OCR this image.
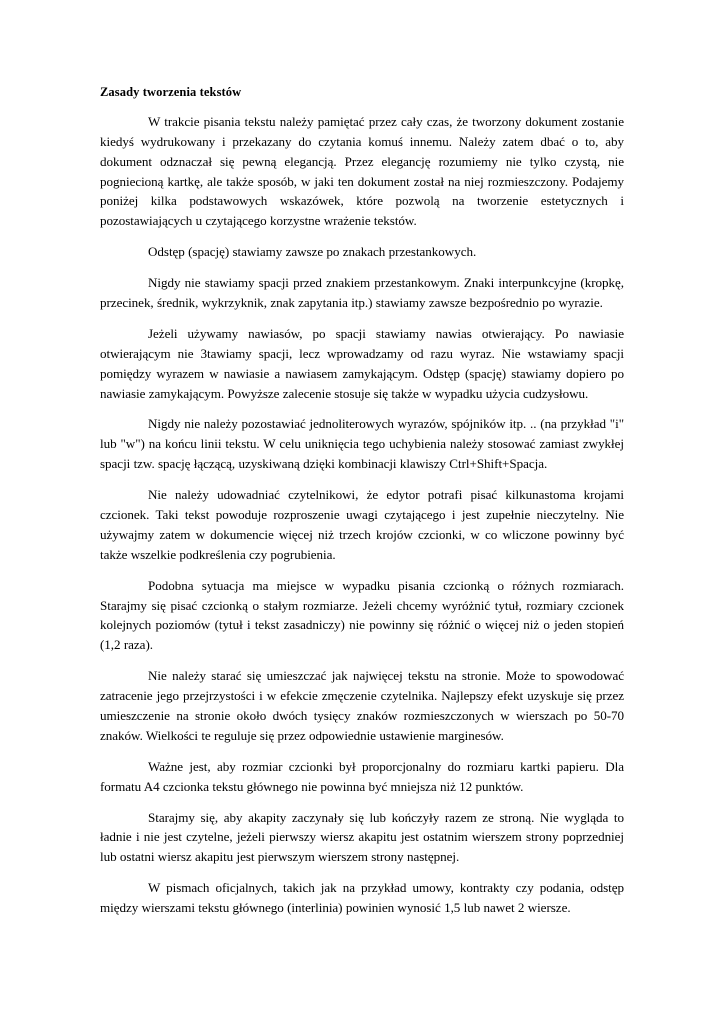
Zasady tworzenia tekstów

W trakcie pisania tekstu należy pamiętać przez cały czas, że tworzony dokument zostanie kiedyś wydrukowany i przekazany do czytania komuś innemu. Należy zatem dbać o to, aby dokument odznaczał się pewną elegancją. Przez elegancję rozumiemy nie tylko czystą, nie pogniecioną kartkę, ale także sposób, w jaki ten dokument został na niej rozmieszczony. Podajemy poniżej kilka podstawowych wskazówek, które pozwolą na tworzenie estetycznych i pozostawiających u czytającego korzystne wrażenie tekstów.

Odstęp (spację) stawiamy zawsze po znakach przestankowych.

Nigdy nie stawiamy spacji przed znakiem przestankowym. Znaki interpunkcyjne (kropkę, przecinek, średnik, wykrzyknik, znak zapytania itp.) stawiamy zawsze bezpośrednio po wyrazie.

Jeżeli używamy nawiasów, po spacji stawiamy nawias otwierający. Po nawiasie otwierającym nie 3tawiamy spacji, lecz wprowadzamy od razu wyraz. Nie wstawiamy spacji pomiędzy wyrazem w nawiasie a nawiasem zamykającym. Odstęp (spację) stawiamy dopiero po nawiasie zamykającym. Powyższe zalecenie stosuje się także w wypadku użycia cudzysłowu.

Nigdy nie należy pozostawiać jednoliterowych wyrazów, spójników itp. .. (na przykład "i" lub "w") na końcu linii tekstu. W celu uniknięcia tego uchybienia należy stosować zamiast zwykłej spacji tzw. spację łączącą, uzyskiwaną dzięki kombinacji klawiszy Ctrl+Shift+Spacja.

Nie należy udowadniać czytelnikowi, że edytor potrafi pisać kilkunastoma krojami czcionek. Taki tekst powoduje rozproszenie uwagi czytającego i jest zupełnie nieczytelny. Nie używajmy zatem w dokumencie więcej niż trzech krojów czcionki, w co wliczone powinny być także wszelkie podkreślenia czy pogrubienia.

Podobna sytuacja ma miejsce w wypadku pisania czcionką o różnych rozmiarach. Starajmy się pisać czcionką o stałym rozmiarze. Jeżeli chcemy wyróżnić tytuł, rozmiary czcionek kolejnych poziomów (tytuł i tekst zasadniczy) nie powinny się różnić o więcej niż o jeden stopień (1,2 raza).

Nie należy starać się umieszczać jak najwięcej tekstu na stronie. Może to spowodować zatracenie jego przejrzystości i w efekcie zmęczenie czytelnika. Najlepszy efekt uzyskuje się przez umieszczenie na stronie około dwóch tysięcy znaków rozmieszczonych w wierszach po 50-70 znaków. Wielkości te reguluje się przez odpowiednie ustawienie marginesów.

Ważne jest, aby rozmiar czcionki był proporcjonalny do rozmiaru kartki papieru. Dla formatu A4 czcionka tekstu głównego nie powinna być mniejsza niż 12 punktów.

Starajmy się, aby akapity zaczynały się lub kończyły razem ze stroną. Nie wygląda to ładnie i nie jest czytelne, jeżeli pierwszy wiersz akapitu jest ostatnim wierszem strony poprzedniej lub ostatni wiersz akapitu jest pierwszym wierszem strony następnej.

W pismach oficjalnych, takich jak na przykład umowy, kontrakty czy podania, odstęp między wierszami tekstu głównego (interlinia) powinien wynosić 1,5 lub nawet 2 wiersze.
